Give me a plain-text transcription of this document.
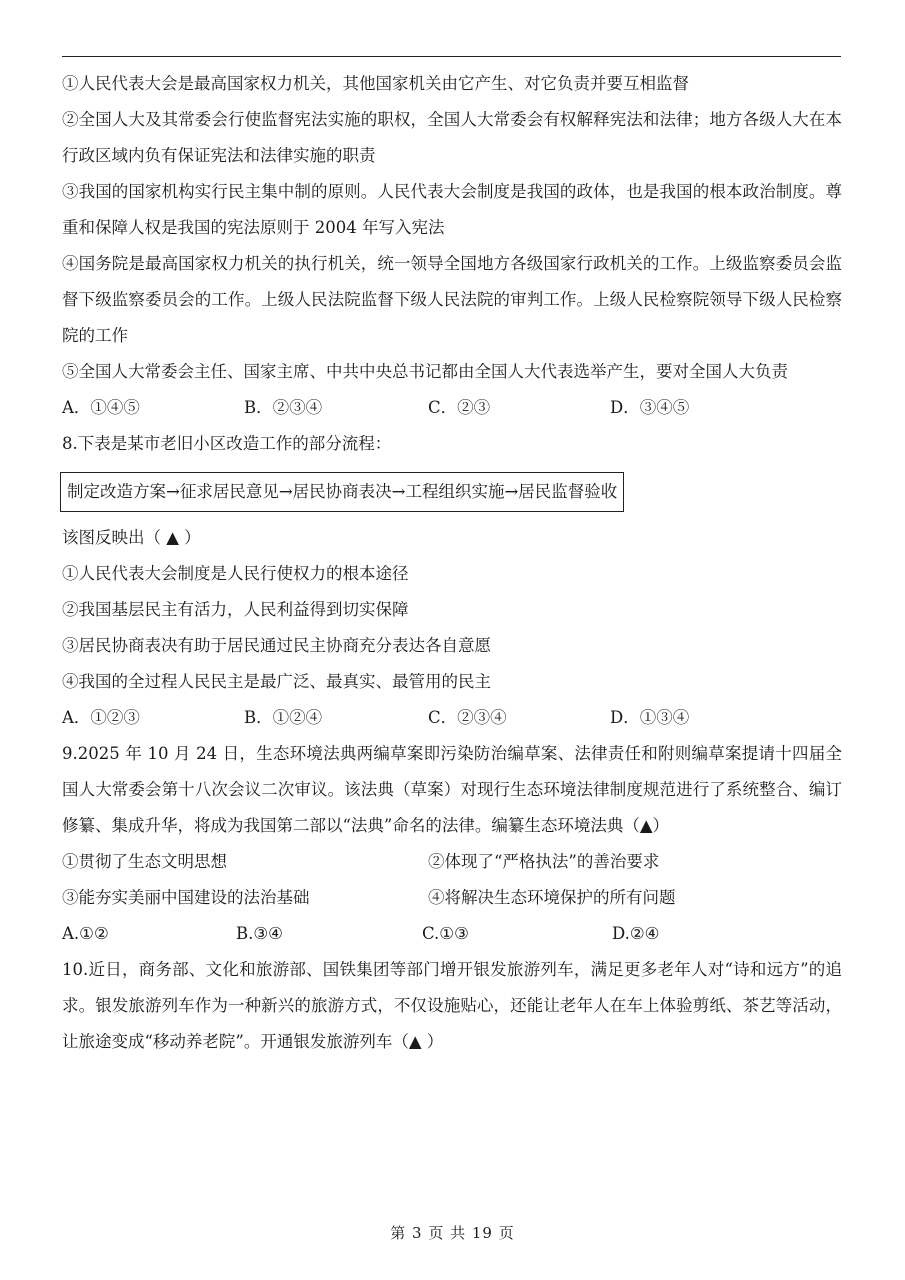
①人民代表大会是最高国家权力机关，其他国家机关由它产生、对它负责并要互相监督

②全国人大及其常委会行使监督宪法实施的职权，全国人大常委会有权解释宪法和法律；地方各级人大在本行政区域内负有保证宪法和法律实施的职责

③我国的国家机构实行民主集中制的原则。人民代表大会制度是我国的政体，也是我国的根本政治制度。尊重和保障人权是我国的宪法原则于 2004 年写入宪法

④国务院是最高国家权力机关的执行机关，统一领导全国地方各级国家行政机关的工作。上级监察委员会监督下级监察委员会的工作。上级人民法院监督下级人民法院的审判工作。上级人民检察院领导下级人民检察院的工作

⑤全国人大常委会主任、国家主席、中共中央总书记都由全国人大代表选举产生，要对全国人大负责

A．①④⑤	B．②③④	C．②③	D．③④⑤

8.下表是某市老旧小区改造工作的部分流程：

制定改造方案→征求居民意见→居民协商表决→工程组织实施→居民监督验收

该图反映出（ ▲ ）

①人民代表大会制度是人民行使权力的根本途径

②我国基层民主有活力，人民利益得到切实保障

③居民协商表决有助于居民通过民主协商充分表达各自意愿

④我国的全过程人民民主是最广泛、最真实、最管用的民主

A．①②③	B．①②④	C．②③④	D．①③④

9.2025 年 10 月 24 日，生态环境法典两编草案即污染防治编草案、法律责任和附则编草案提请十四届全国人大常委会第十八次会议二次审议。该法典（草案）对现行生态环境法律制度规范进行了系统整合、编订修纂、集成升华，将成为我国第二部以“法典”命名的法律。编纂生态环境法典（▲）

①贯彻了生态文明思想	②体现了“严格执法”的善治要求
③能夯实美丽中国建设的法治基础	④将解决生态环境保护的所有问题
A.①②	B.③④	C.①③	D.②④

10.近日，商务部、文化和旅游部、国铁集团等部门增开银发旅游列车，满足更多老年人对“诗和远方”的追求。银发旅游列车作为一种新兴的旅游方式，不仅设施贴心，还能让老年人在车上体验剪纸、茶艺等活动，让旅途变成“移动养老院”。开通银发旅游列车（▲ ）

第 3 页 共 19 页
